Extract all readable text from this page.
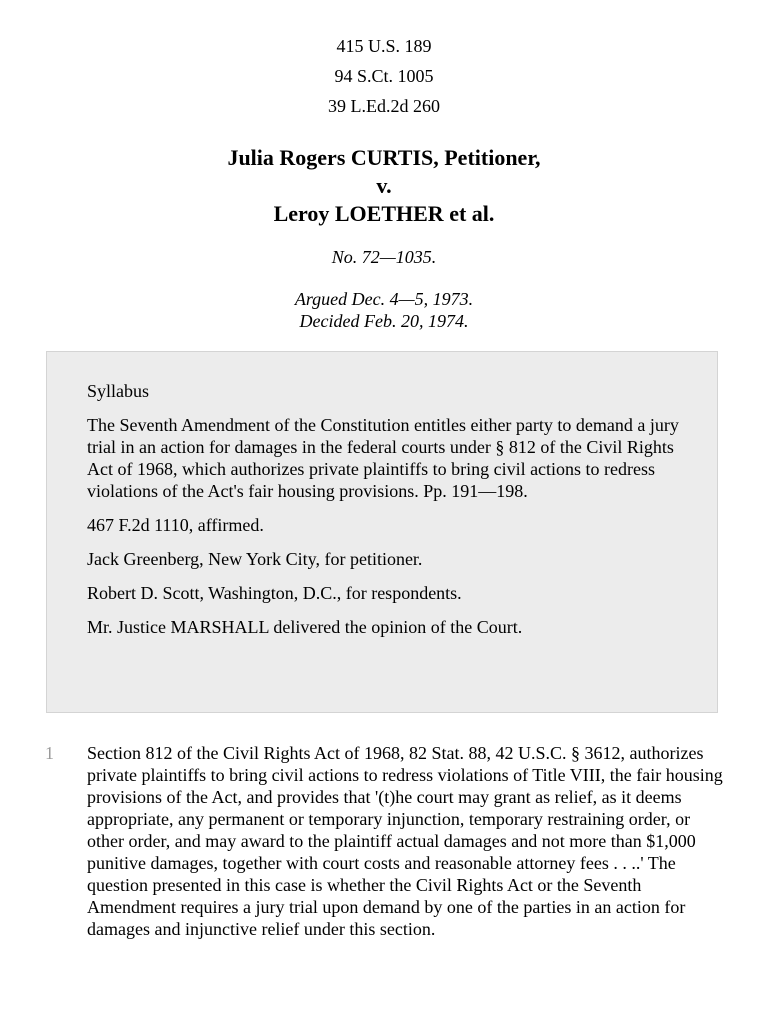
415 U.S. 189
94 S.Ct. 1005
39 L.Ed.2d 260
Julia Rogers CURTIS, Petitioner,
v.
Leroy LOETHER et al.
No. 72—1035.
Argued Dec. 4—5, 1973.
Decided Feb. 20, 1974.

Syllabus

The Seventh Amendment of the Constitution entitles either party to demand a jury trial in an action for damages in the federal courts under § 812 of the Civil Rights Act of 1968, which authorizes private plaintiffs to bring civil actions to redress violations of the Act's fair housing provisions. Pp. 191—198.

467 F.2d 1110, affirmed.

Jack Greenberg, New York City, for petitioner.

Robert D. Scott, Washington, D.C., for respondents.

Mr. Justice MARSHALL delivered the opinion of the Court.

1 Section 812 of the Civil Rights Act of 1968, 82 Stat. 88, 42 U.S.C. § 3612, authorizes private plaintiffs to bring civil actions to redress violations of Title VIII, the fair housing provisions of the Act, and provides that '(t)he court may grant as relief, as it deems appropriate, any permanent or temporary injunction, temporary restraining order, or other order, and may award to the plaintiff actual damages and not more than $1,000 punitive damages, together with court costs and reasonable attorney fees . . ..' The question presented in this case is whether the Civil Rights Act or the Seventh Amendment requires a jury trial upon demand by one of the parties in an action for damages and injunctive relief under this section.
